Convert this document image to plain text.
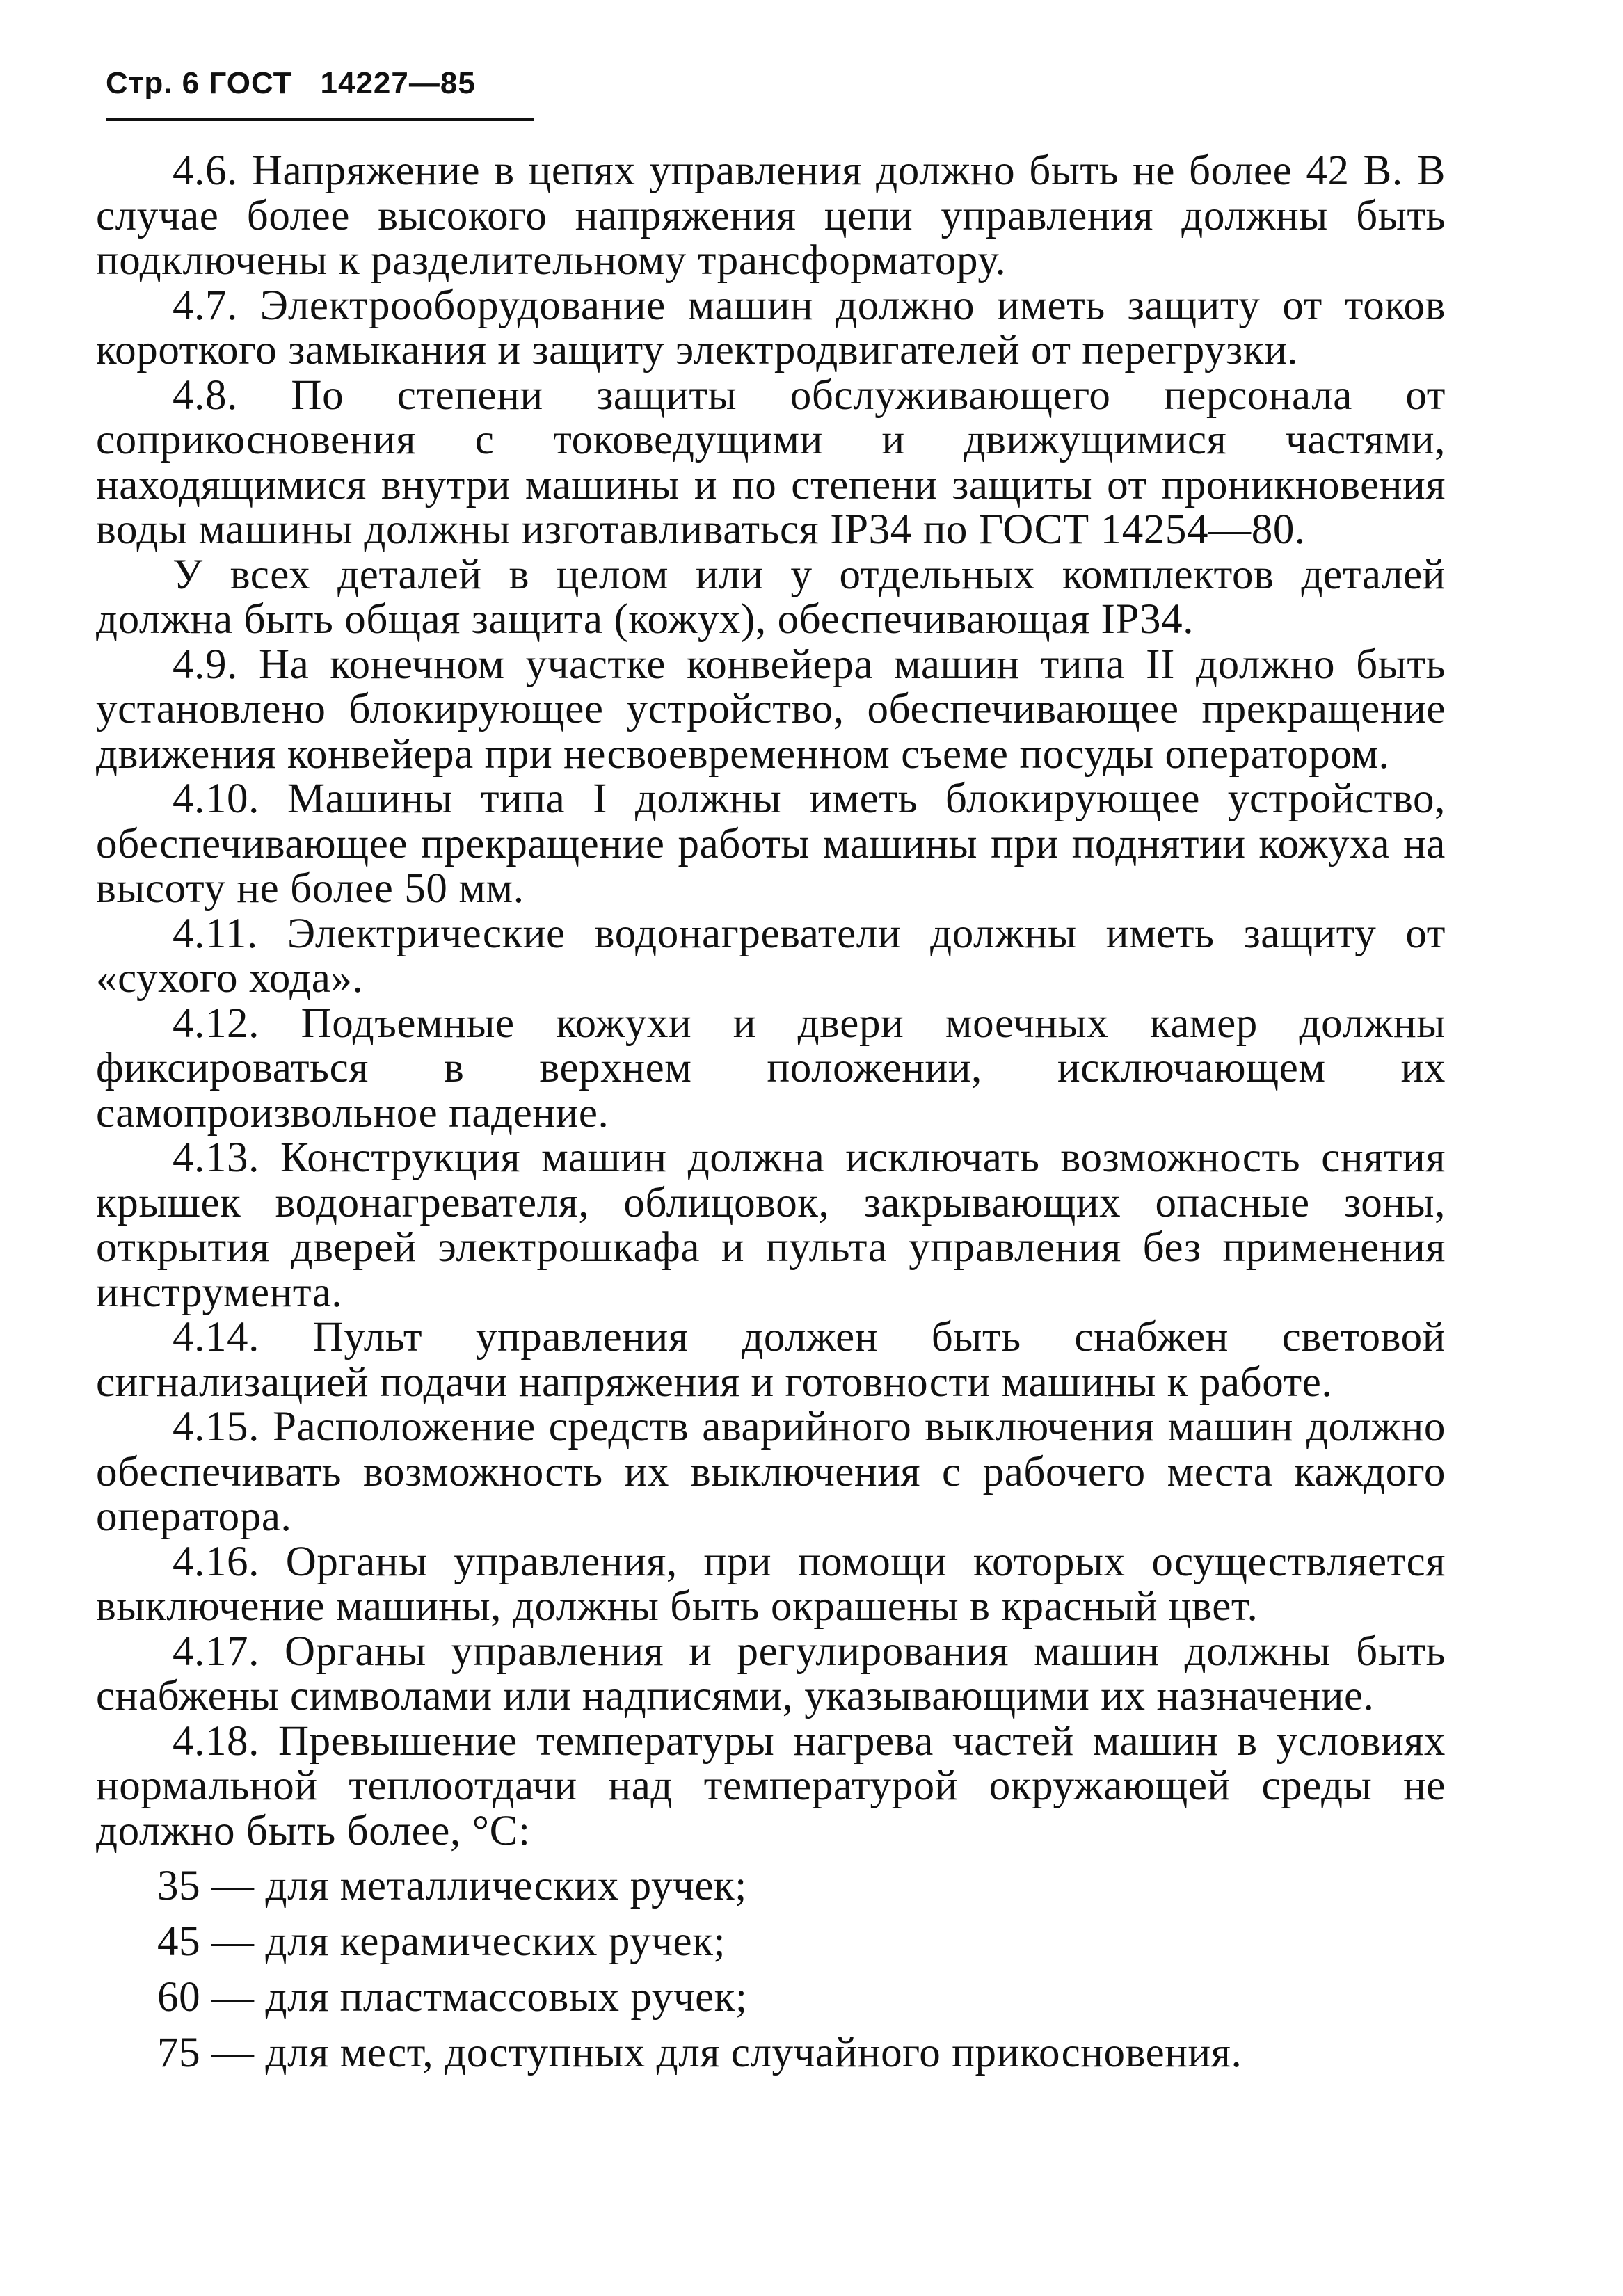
Стр. 6 ГОСТ 14227—85

4.6. Напряжение в цепях управления должно быть не более 42 В. В случае более высокого напряжения цепи управления должны быть подключены к разделительному трансформатору.

4.7. Электрооборудование машин должно иметь защиту от токов короткого замыкания и защиту электродвигателей от перегрузки.

4.8. По степени защиты обслуживающего персонала от соприкосновения с токоведущими и движущимися частями, находящимися внутри машины и по степени защиты от проникновения воды машины должны изготавливаться IP34 по ГОСТ 14254—80.

У всех деталей в целом или у отдельных комплектов деталей должна быть общая защита (кожух), обеспечивающая IP34.

4.9. На конечном участке конвейера машин типа II должно быть установлено блокирующее устройство, обеспечивающее прекращение движения конвейера при несвоевременном съеме посуды оператором.

4.10. Машины типа I должны иметь блокирующее устройство, обеспечивающее прекращение работы машины при поднятии кожуха на высоту не более 50 мм.

4.11. Электрические водонагреватели должны иметь защиту от «сухого хода».

4.12. Подъемные кожухи и двери моечных камер должны фиксироваться в верхнем положении, исключающем их самопроизвольное падение.

4.13. Конструкция машин должна исключать возможность снятия крышек водонагревателя, облицовок, закрывающих опасные зоны, открытия дверей электрошкафа и пульта управления без применения инструмента.

4.14. Пульт управления должен быть снабжен световой сигнализацией подачи напряжения и готовности машины к работе.

4.15. Расположение средств аварийного выключения машин должно обеспечивать возможность их выключения с рабочего места каждого оператора.

4.16. Органы управления, при помощи которых осуществляется выключение машины, должны быть окрашены в красный цвет.

4.17. Органы управления и регулирования машин должны быть снабжены символами или надписями, указывающими их назначение.

4.18. Превышение температуры нагрева частей машин в условиях нормальной теплоотдачи над температурой окружающей среды не должно быть более, °С:

35 — для металлических ручек;

45 — для керамических ручек;

60 — для пластмассовых ручек;

75 — для мест, доступных для случайного прикосновения.
